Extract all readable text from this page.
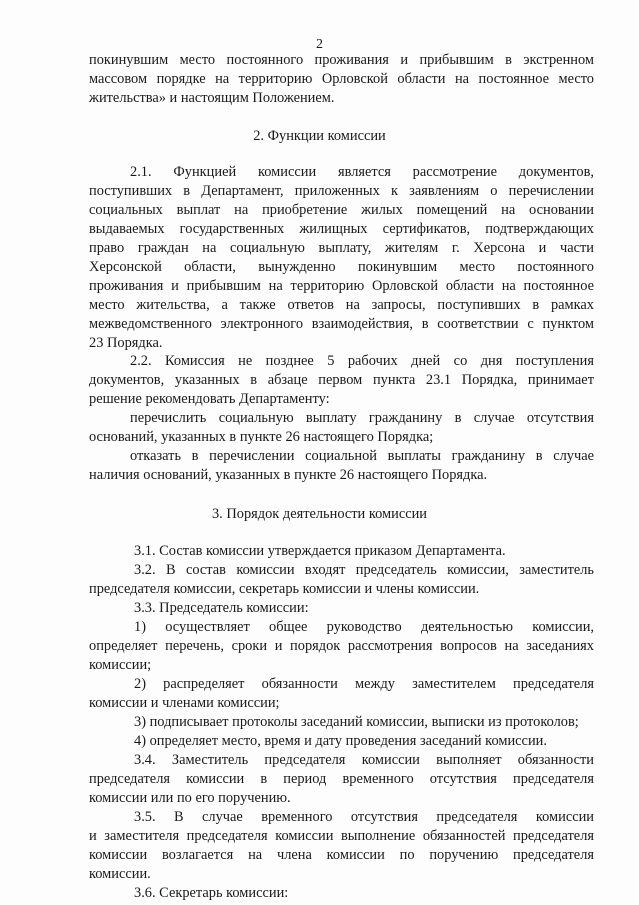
2
покинувшим место постоянного проживания и прибывшим в экстренном
массовом порядке на территорию Орловской области на постоянное место
жительства» и настоящим Положением.
2. Функции комиссии
2.1. Функцией комиссии является рассмотрение документов,
поступивших в Департамент, приложенных к заявлениям о перечислении
социальных выплат на приобретение жилых помещений на основании
выдаваемых государственных жилищных сертификатов, подтверждающих
право граждан на социальную выплату, жителям г. Херсона и части
Херсонской области, вынужденно покинувшим место постоянного
проживания и прибывшим на территорию Орловской области на постоянное
место жительства, а также ответов на запросы, поступивших в рамках
межведомственного электронного взаимодействия, в соответствии с пунктом
23 Порядка.
2.2. Комиссия не позднее 5 рабочих дней со дня поступления
документов, указанных в абзаце первом пункта 23.1 Порядка, принимает
решение рекомендовать Департаменту:
перечислить социальную выплату гражданину в случае отсутствия
оснований, указанных в пункте 26 настоящего Порядка;
отказать в перечислении социальной выплаты гражданину в случае
наличия оснований, указанных в пункте 26 настоящего Порядка.
3. Порядок деятельности комиссии
3.1. Состав комиссии утверждается приказом Департамента.
3.2. В состав комиссии входят председатель комиссии, заместитель
председателя комиссии, секретарь комиссии и члены комиссии.
3.3. Председатель комиссии:
1) осуществляет общее руководство деятельностью комиссии,
определяет перечень, сроки и порядок рассмотрения вопросов на заседаниях
комиссии;
2) распределяет обязанности между заместителем председателя
комиссии и членами комиссии;
3) подписывает протоколы заседаний комиссии, выписки из протоколов;
4) определяет место, время и дату проведения заседаний комиссии.
3.4. Заместитель председателя комиссии выполняет обязанности
председателя комиссии в период временного отсутствия председателя
комиссии или по его поручению.
3.5. В случае временного отсутствия председателя комиссии
и заместителя председателя комиссии выполнение обязанностей председателя
комиссии возлагается на члена комиссии по поручению председателя
комиссии.
3.6. Секретарь комиссии:
